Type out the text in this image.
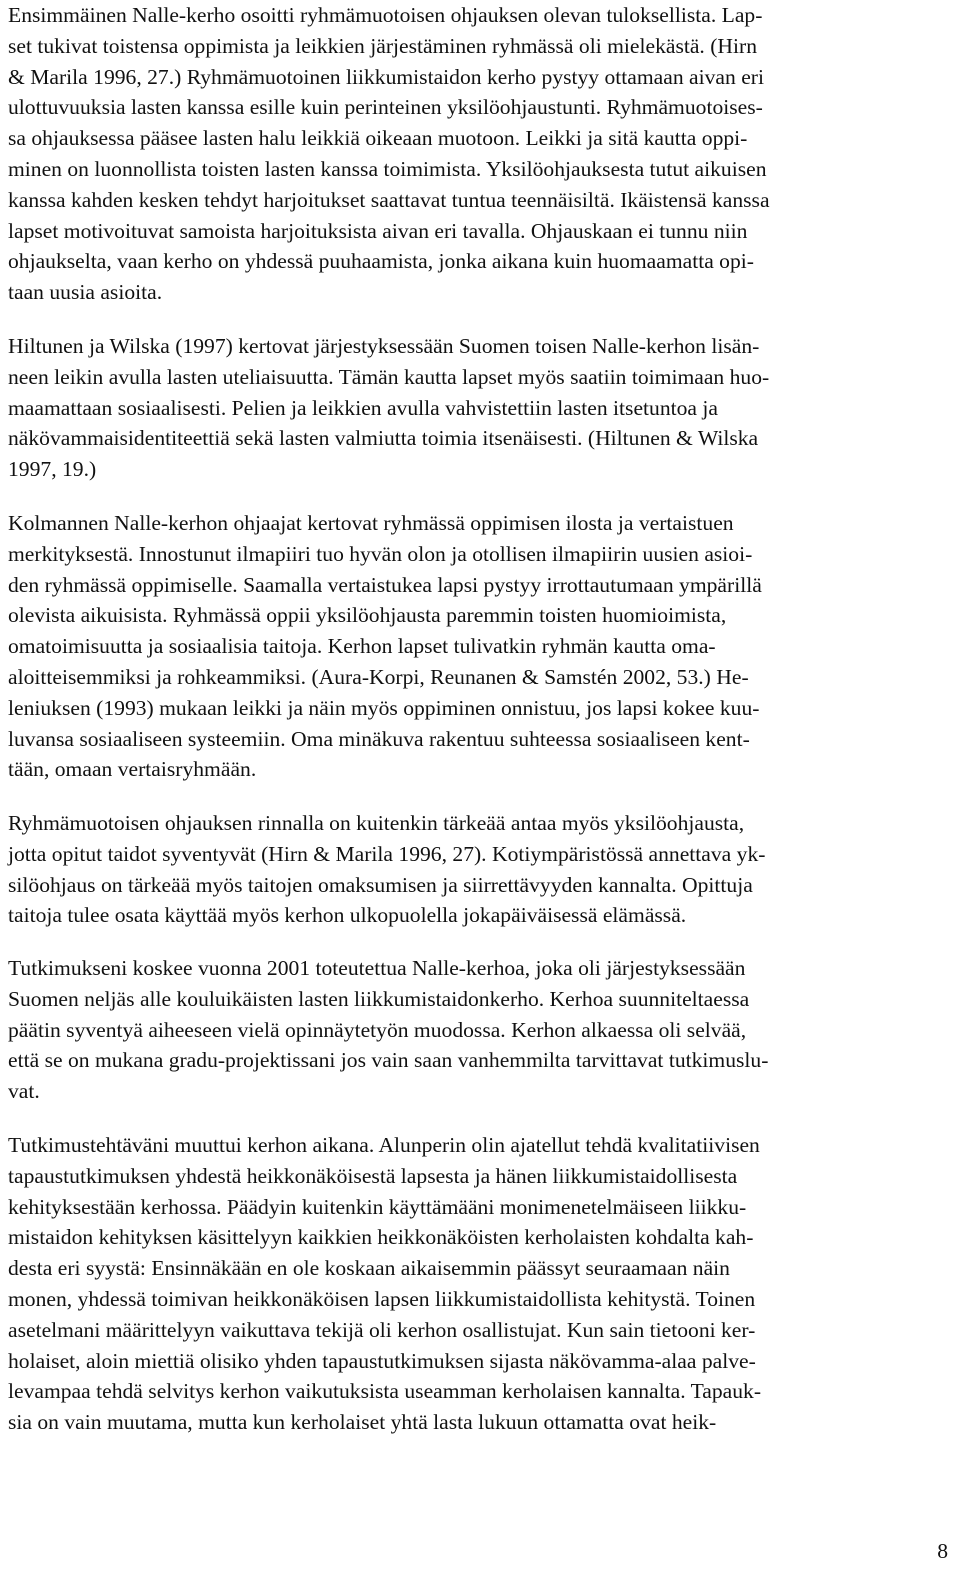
Ensimmäinen Nalle-kerho osoitti ryhmämuotoisen ohjauksen olevan tuloksellista. Lap-
set tukivat toistensa oppimista ja leikkien järjestäminen ryhmässä oli mielekästä. (Hirn
& Marila 1996, 27.) Ryhmämuotoinen liikkumistaidon kerho pystyy ottamaan aivan eri
ulottuvuuksia lasten kanssa esille kuin perinteinen yksilöohjaustunti. Ryhmämuotoises-
sa ohjauksessa pääsee lasten halu leikkiä oikeaan muotoon. Leikki ja sitä kautta oppi-
minen on luonnollista toisten lasten kanssa toimimista. Yksilöohjauksesta tutut aikuisen
kanssa kahden kesken tehdyt harjoitukset saattavat tuntua teennäisiltä. Ikäistensä kanssa
lapset motivoituvat samoista harjoituksista aivan eri tavalla. Ohjauskaan ei tunnu niin
ohjaukselta, vaan kerho on yhdessä puuhaamista, jonka aikana kuin huomaamatta opi-
taan uusia asioita.
Hiltunen ja Wilska (1997) kertovat järjestyksessään Suomen toisen Nalle-kerhon lisän-
neen leikin avulla lasten uteliaisuutta. Tämän kautta lapset myös saatiin toimimaan huo-
maamattaan sosiaalisesti. Pelien ja leikkien avulla vahvistettiin lasten itsetuntoa ja
näkövammaisidentiteettiä sekä lasten valmiutta toimia itsenäisesti. (Hiltunen & Wilska
1997, 19.)
Kolmannen Nalle-kerhon ohjaajat kertovat ryhmässä oppimisen ilosta ja vertaistuen
merkityksestä. Innostunut ilmapiiri tuo hyvän olon ja otollisen ilmapiirin uusien asioi-
den ryhmässä oppimiselle. Saamalla vertaistukea lapsi pystyy irrottautumaan ympärillä
olevista aikuisista. Ryhmässä oppii yksilöohjausta paremmin toisten huomioimista,
omatoimisuutta ja sosiaalisia taitoja. Kerhon lapset tulivatkin ryhmän kautta oma-
aloitteisemmiksi ja rohkeammiksi. (Aura-Korpi, Reunanen & Samstén 2002, 53.) He-
leniuksen (1993) mukaan leikki ja näin myös oppiminen onnistuu, jos lapsi kokee kuu-
luvansa sosiaaliseen systeemiin. Oma minäkuva rakentuu suhteessa sosiaaliseen kent-
tään, omaan vertaisryhmään.
Ryhmämuotoisen ohjauksen rinnalla on kuitenkin tärkeää antaa myös yksilöohjausta,
jotta opitut taidot syventyvät (Hirn & Marila 1996, 27). Kotiympäristössä annettava yk-
silöohjaus on tärkeää myös taitojen omaksumisen ja siirrettävyyden kannalta. Opittuja
taitoja tulee osata käyttää myös kerhon ulkopuolella jokapäiväisessä elämässä.
Tutkimukseni koskee vuonna 2001 toteutettua Nalle-kerhoa, joka oli järjestyksessään
Suomen neljäs alle kouluikäisten lasten liikkumistaidonkerho. Kerhoa suunniteltaessa
päätin syventyä aiheeseen vielä opinnäytetyön muodossa. Kerhon alkaessa oli selvää,
että se on mukana gradu-projektissani jos vain saan vanhemmilta tarvittavat tutkimuslu-
vat.
Tutkimustehtäväni muuttui kerhon aikana. Alunperin olin ajatellut tehdä kvalitatiivisen
tapaustutkimuksen yhdestä heikkonäköisestä lapsesta ja hänen liikkumistaidollisesta
kehityksestään kerhossa. Päädyin kuitenkin käyttämääni monimenetelmäiseen liikku-
mistaidon kehityksen käsittelyyn kaikkien heikkonäköisten kerholaisten kohdalta kah-
desta eri syystä: Ensinnäkään en ole koskaan aikaisemmin päässyt seuraamaan näin
monen, yhdessä toimivan heikkonäköisen lapsen liikkumistaidollista kehitystä. Toinen
asetelmani määrittelyyn vaikuttava tekijä oli kerhon osallistujat. Kun sain tietooni ker-
holaiset, aloin miettiä olisiko yhden tapaustutkimuksen sijasta näkövamma-alaa palve-
levampaa tehdä selvitys kerhon vaikutuksista useamman kerholaisen kannalta. Tapauk-
sia on vain muutama, mutta kun kerholaiset yhtä lasta lukuun ottamatta ovat heik-
8
